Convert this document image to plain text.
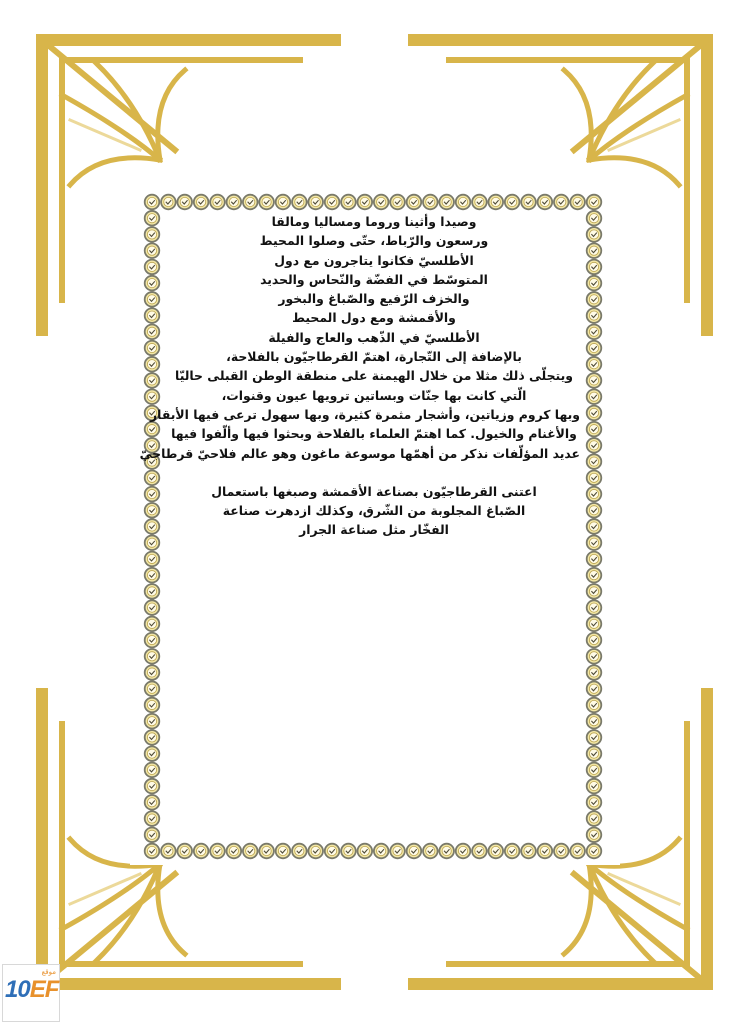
وصيدا وأثينا وروما ومساليا ومالقا
ورسعون والرّباط، حتّى وصلوا المحيط
الأطلسيّ فكانوا يتاجرون مع دول
المتوسّط في الفضّة والنّحاس والحديد
والخزف الرّفيع والصّباغ والبخور
والأقمشة ومع دول المحيط
الأطلسيّ في الذّهب والعاج والفيلة
بالإضافة إلى التّجارة، اهتمّ القرطاجيّون بالفلاحة،
ويتجلّى ذلك مثلا من خلال الهيمنة على منطقة الوطن القبلى حاليّا
الّتي كانت بها جنّات وبساتين ترويها عيون وقنوات،
وبها كروم وزياتين، وأشجار مثمرة كثيرة، وبها سهول ترعى فيها الأبقار
والأغنام والخيول. كما اهتمّ العلماء بالفلاحة وبحثوا فيها وألّفوا فيها
عديد المؤلّفات نذكر من أهمّها موسوعة ماغون وهو عالم فلاحيّ قرطاجيّ
اعتنى القرطاجيّون بصناعة الأقمشة وصبغها باستعمال
الصّباغ المجلوبة من الشّرق، وكذلك ازدهرت صناعة
الفخّار مثل صناعة الجرار
موقع
10EF
